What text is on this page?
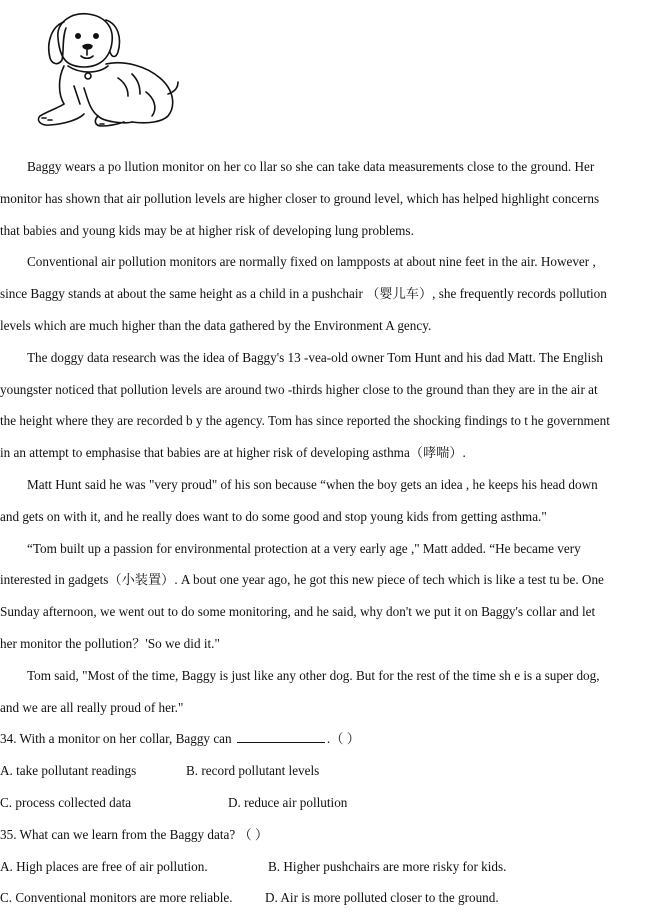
Baggy wears a po llution monitor on her co llar so she can take data measurements close to the ground. Her
monitor has shown that air pollution levels are higher closer to ground level, which has helped highlight concerns
that babies and young kids may be at higher risk of developing lung problems.
Conventional air pollution monitors are normally fixed on lampposts at about nine feet in the air. However ,
since Baggy stands at about the same height as a child in a pushchair （婴儿车）, she frequently records pollution
levels which are much higher than the data gathered by the Environment A gency.
The doggy data research was the idea of Baggy's 13 -vea-old owner Tom Hunt and his dad Matt. The English
youngster noticed that pollution levels are around two -thirds higher close to the ground than they are in the air at
the height where they are recorded b y the agency. Tom has since reported the shocking findings to t he government
in an attempt to emphasise that babies are at higher risk of developing asthma（哮喘）.
Matt Hunt said he was "very proud" of his son because “when the boy gets an idea , he keeps his head down
and gets on with it, and he really does want to do some good and stop young kids from getting asthma."
“Tom built up a passion for environmental protection at a very early age ," Matt added. “He became very
interested in gadgets（小装置）. A bout one year ago, he got this new piece of tech which is like a test tu be. One
Sunday afternoon, we went out to do some monitoring, and he said, why don't we put it on Baggy's collar and let
her monitor the pollution？'So we did it."
Tom said, "Most of the time, Baggy is just like any other dog. But for the rest of the time sh e is a super dog,
and we are all really proud of her."
34. With a monitor on her collar, Baggy can	.（ ）
A. take pollutant readings	B. record pollutant levels
C. process collected data	D. reduce air pollution
35. What can we learn from the Baggy data? （ ）
A. High places are free of air pollution.	B. Higher pushchairs are more risky for kids.
C. Conventional monitors are more reliable. D. Air is more polluted closer to the ground.
